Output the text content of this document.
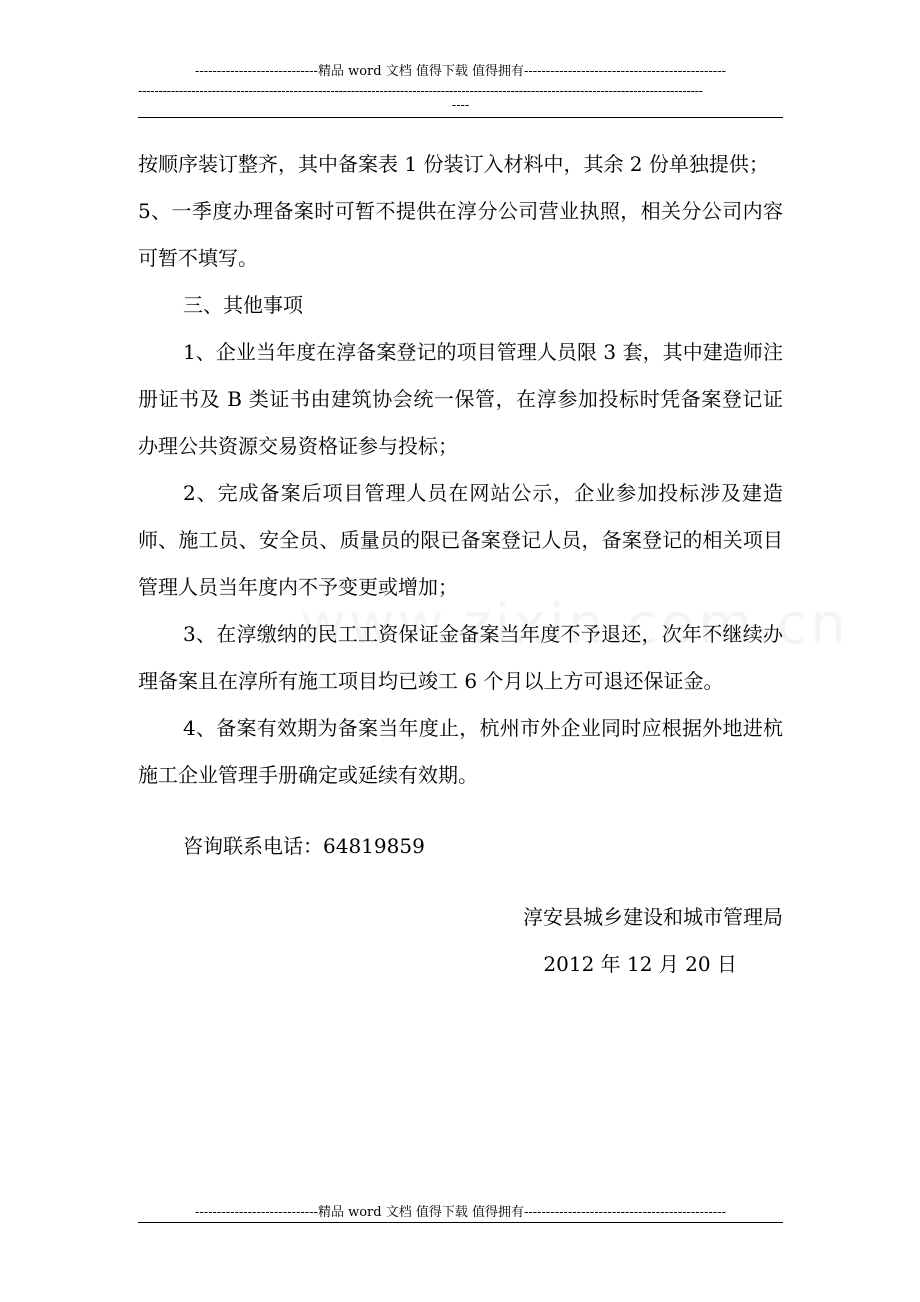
----------------------------精品 word 文档 值得下载 值得拥有----------------------------------------------
------------------------------------------------------------------------------------------------------------------------------------------
----

按顺序装订整齐，其中备案表 1 份装订入材料中，其余 2 份单独提供；

5、一季度办理备案时可暂不提供在淳分公司营业执照，相关分公司内容可暂不填写。

三、其他事项

1、企业当年度在淳备案登记的项目管理人员限 3 套，其中建造师注册证书及 B 类证书由建筑协会统一保管，在淳参加投标时凭备案登记证办理公共资源交易资格证参与投标；

2、完成备案后项目管理人员在网站公示，企业参加投标涉及建造师、施工员、安全员、质量员的限已备案登记人员，备案登记的相关项目管理人员当年度内不予变更或增加；

3、在淳缴纳的民工工资保证金备案当年度不予退还，次年不继续办理备案且在淳所有施工项目均已竣工 6 个月以上方可退还保证金。

4、备案有效期为备案当年度止，杭州市外企业同时应根据外地进杭施工企业管理手册确定或延续有效期。

咨询联系电话：64819859

淳安县城乡建设和城市管理局

2012 年 12 月 20 日

----------------------------精品 word 文档 值得下载 值得拥有----------------------------------------------
